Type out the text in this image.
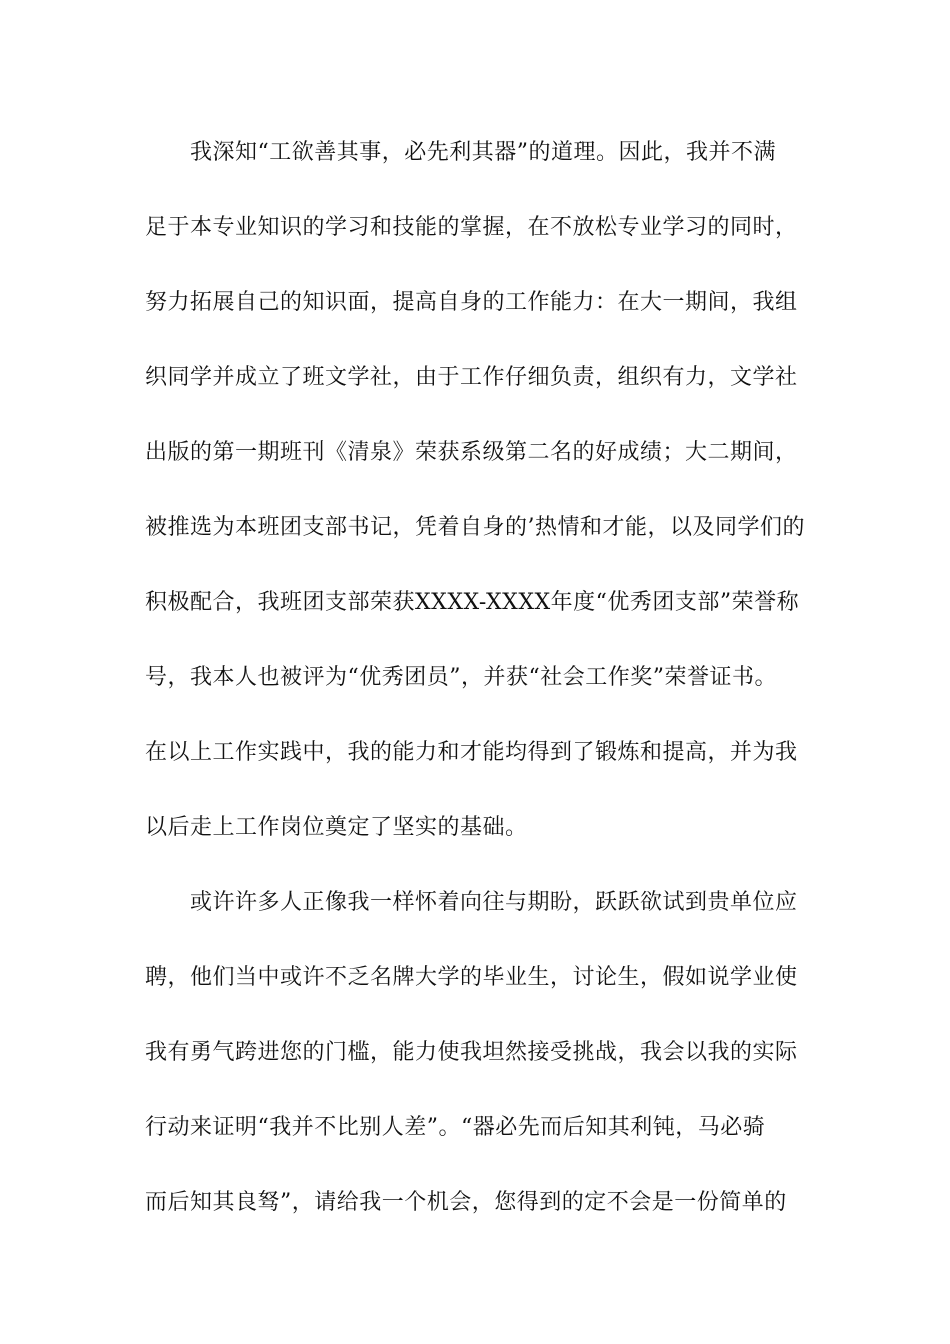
我深知“工欲善其事，必先利其器”的道理。因此，我并不满
足于本专业知识的学习和技能的掌握，在不放松专业学习的同时，
努力拓展自己的知识面，提高自身的工作能力：在大一期间，我组
织同学并成立了班文学社，由于工作仔细负责，组织有力，文学社
出版的第一期班刊《清泉》荣获系级第二名的好成绩；大二期间，
被推选为本班团支部书记，凭着自身的’热情和才能，以及同学们的
积极配合，我班团支部荣获XXXX-XXXX年度“优秀团支部”荣誉称
号，我本人也被评为“优秀团员”，并获“社会工作奖”荣誉证书。
在以上工作实践中，我的能力和才能均得到了锻炼和提高，并为我
以后走上工作岗位奠定了坚实的基础。
或许许多人正像我一样怀着向往与期盼，跃跃欲试到贵单位应
聘，他们当中或许不乏名牌大学的毕业生，讨论生，假如说学业使
我有勇气跨进您的门槛，能力使我坦然接受挑战，我会以我的实际
行动来证明“我并不比别人差”。“器必先而后知其利钝，马必骑
而后知其良驽”，请给我一个机会，您得到的定不会是一份简单的
